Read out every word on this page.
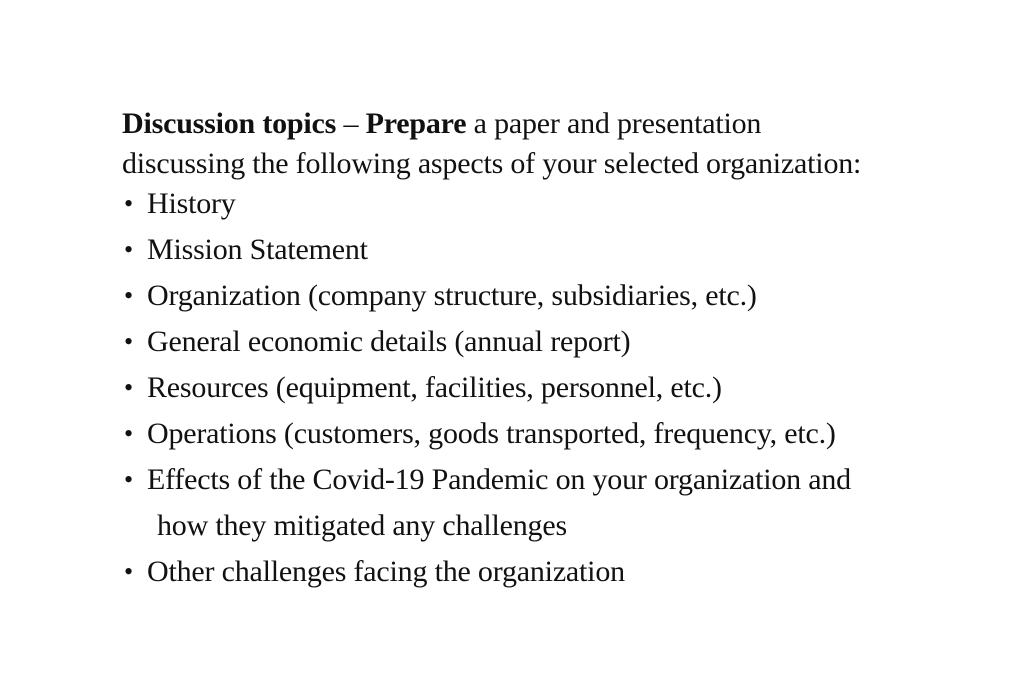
Discussion topics – Prepare a paper and presentation
discussing the following aspects of your selected organization:
• History
• Mission Statement
• Organization (company structure, subsidiaries, etc.)
• General economic details (annual report)
• Resources (equipment, facilities, personnel, etc.)
• Operations (customers, goods transported, frequency, etc.)
• Effects of the Covid-19 Pandemic on your organization and
how they mitigated any challenges
• Other challenges facing the organization
